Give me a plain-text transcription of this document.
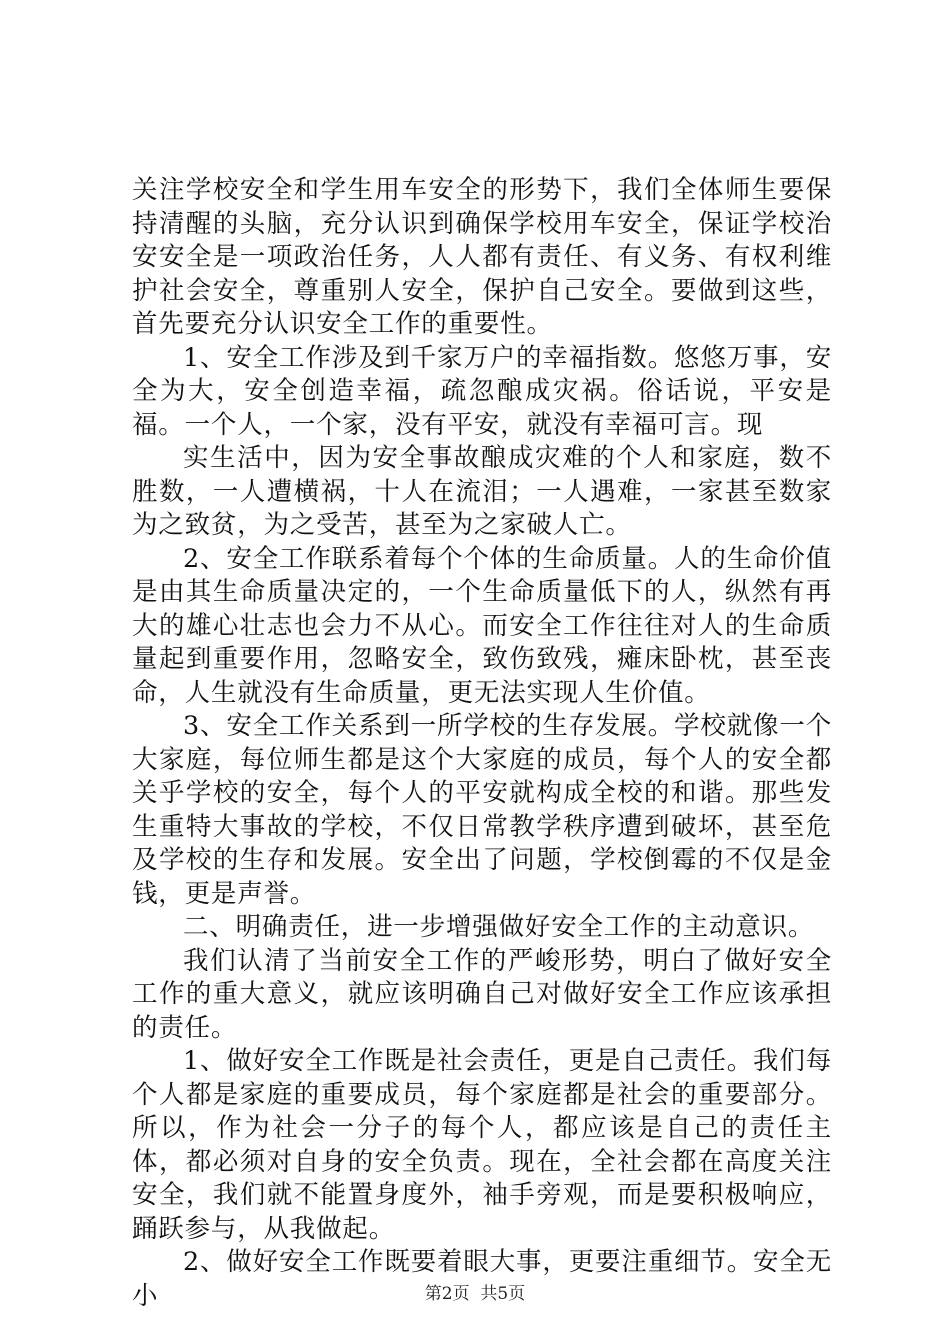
关注学校安全和学生用车安全的形势下，我们全体师生要保持清醒的头脑，充分认识到确保学校用车安全，保证学校治安安全是一项政治任务，人人都有责任、有义务、有权利维护社会安全，尊重别人安全，保护自己安全。要做到这些，首先要充分认识安全工作的重要性。

1、安全工作涉及到千家万户的幸福指数。悠悠万事，安全为大，安全创造幸福，疏忽酿成灾祸。俗话说，平安是福。一个人，一个家，没有平安，就没有幸福可言。现

实生活中，因为安全事故酿成灾难的个人和家庭，数不胜数，一人遭横祸，十人在流泪；一人遇难，一家甚至数家为之致贫，为之受苦，甚至为之家破人亡。

2、安全工作联系着每个个体的生命质量。人的生命价值是由其生命质量决定的，一个生命质量低下的人，纵然有再大的雄心壮志也会力不从心。而安全工作往往对人的生命质量起到重要作用，忽略安全，致伤致残，瘫床卧枕，甚至丧命，人生就没有生命质量，更无法实现人生价值。

3、安全工作关系到一所学校的生存发展。学校就像一个大家庭，每位师生都是这个大家庭的成员，每个人的安全都关乎学校的安全，每个人的平安就构成全校的和谐。那些发生重特大事故的学校，不仅日常教学秩序遭到破坏，甚至危及学校的生存和发展。安全出了问题，学校倒霉的不仅是金钱，更是声誉。

二、明确责任，进一步增强做好安全工作的主动意识。

我们认清了当前安全工作的严峻形势，明白了做好安全工作的重大意义，就应该明确自己对做好安全工作应该承担的责任。

1、做好安全工作既是社会责任，更是自己责任。我们每个人都是家庭的重要成员，每个家庭都是社会的重要部分。所以，作为社会一分子的每个人，都应该是自己的责任主体，都必须对自身的安全负责。现在，全社会都在高度关注安全，我们就不能置身度外，袖手旁观，而是要积极响应，踊跃参与，从我做起。

2、做好安全工作既要着眼大事，更要注重细节。安全无小	第2页 共5页
